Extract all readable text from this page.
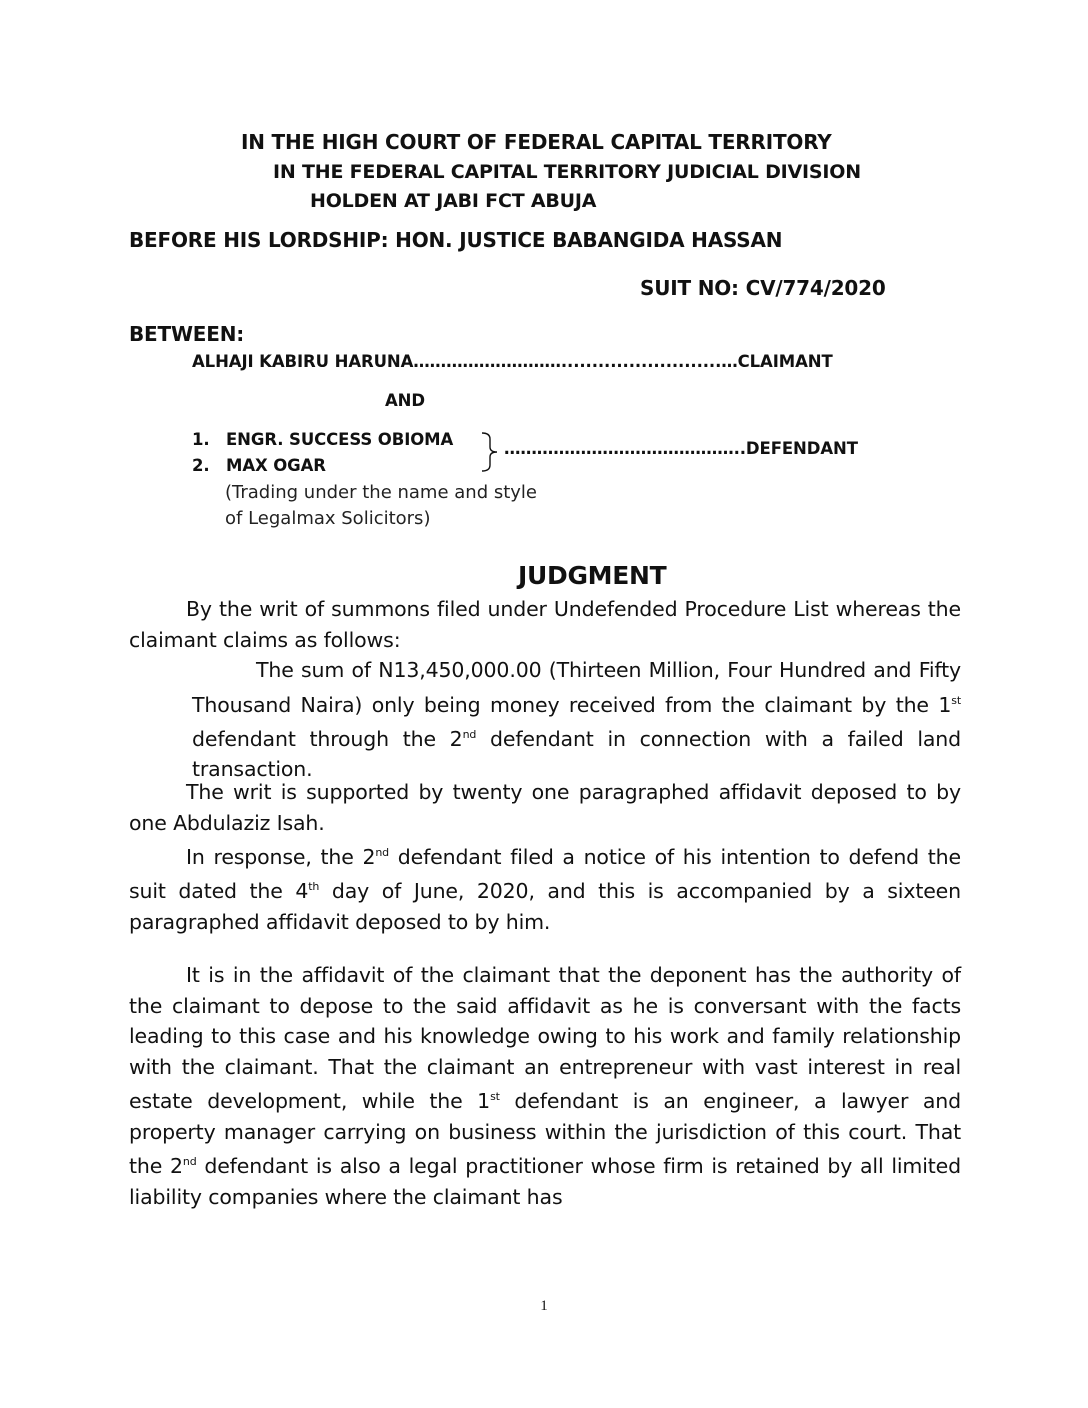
IN THE HIGH COURT OF FEDERAL CAPITAL TERRITORY
IN THE FEDERAL CAPITAL TERRITORY JUDICIAL DIVISION
HOLDEN AT JABI FCT ABUJA
BEFORE HIS LORDSHIP: HON. JUSTICE BABANGIDA HASSAN
SUIT NO: CV/774/2020
BETWEEN:
ALHAJI KABIRU HARUNA………………………..........................…CLAIMANT
AND
1. ENGR. SUCCESS OBIOMA
2. MAX OGAR
……………………………………..DEFENDANT
(Trading under the name and style
of Legalmax Solicitors)
JUDGMENT
By the writ of summons filed under Undefended Procedure List whereas the claimant claims as follows:
The sum of N13,450,000.00 (Thirteen Million, Four Hundred and Fifty Thousand Naira) only being money received from the claimant by the 1st defendant through the 2nd defendant in connection with a failed land transaction.
The writ is supported by twenty one paragraphed affidavit deposed to by one Abdulaziz Isah.
In response, the 2nd defendant filed a notice of his intention to defend the suit dated the 4th day of June, 2020, and this is accompanied by a sixteen paragraphed affidavit deposed to by him.
It is in the affidavit of the claimant that the deponent has the authority of the claimant to depose to the said affidavit as he is conversant with the facts leading to this case and his knowledge owing to his work and family relationship with the claimant. That the claimant an entrepreneur with vast interest in real estate development, while the 1st defendant is an engineer, a lawyer and property manager carrying on business within the jurisdiction of this court. That the 2nd defendant is also a legal practitioner whose firm is retained by all limited liability companies where the claimant has
1
